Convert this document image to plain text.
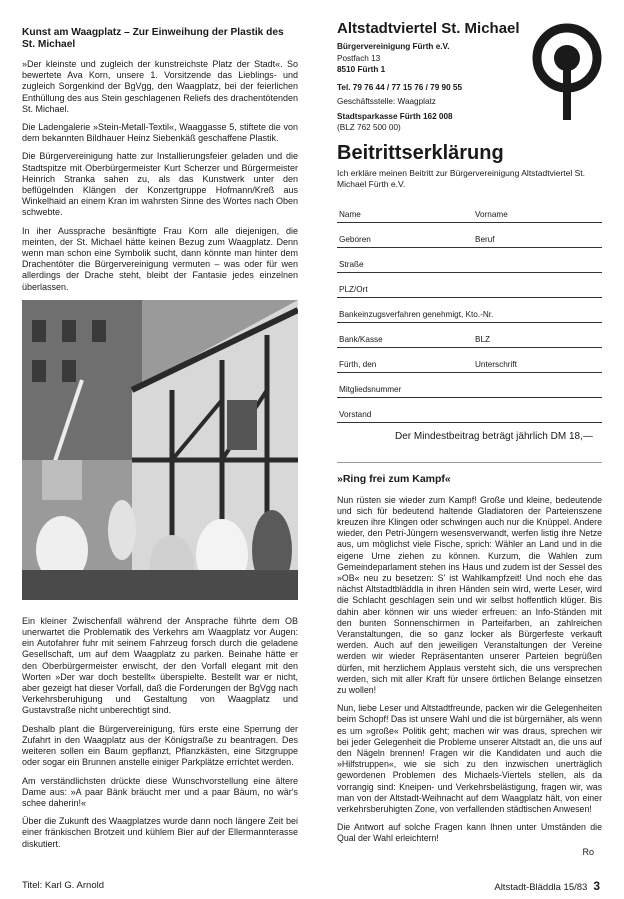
Kunst am Waagplatz – Zur Einweihung der Plastik des St. Michael

»Der kleinste und zugleich der kunstreichste Platz der Stadt«. So bewertete Ava Korn, unsere 1. Vorsitzende das Lieblings- und zugleich Sorgenkind der BgVgg, den Waagplatz, bei der feierlichen Enthüllung des aus Stein geschlagenen Reliefs des drachentötenden St. Michael.

Die Ladengalerie »Stein-Metall-Textil«, Waaggasse 5, stiftete die von dem bekannten Bildhauer Heinz Siebenkäß geschaffene Plastik.

Die Bürgervereinigung hatte zur Installierungsfeier geladen und die Stadtspitze mit Oberbürgermeister Kurt Scherzer und Bürgermeister Heinrich Stranka sahen zu, als das Kunstwerk unter den beflügelnden Klängen der Konzertgruppe Hofmann/Kreß aus Winkelhaid an einem Kran im wahrsten Sinne des Wortes nach Oben schwebte.

In iher Aussprache besänftigte Frau Korn alle diejenigen, die meinten, der St. Michael hätte keinen Bezug zum Waagplatz. Denn wenn man schon eine Symbolik sucht, dann könnte man hinter dem Drachentöter die Bürgervereinigung vermuten – was oder für wen allerdings der Drache steht, bleibt der Fantasie jedes einzelnen überlassen.

Ein kleiner Zwischenfall während der Ansprache führte dem OB unerwartet die Problematik des Verkehrs am Waagplatz vor Augen: ein Autofahrer fuhr mit seinem Fahrzeug forsch durch die geladene Gesellschaft, um auf dem Waagplatz zu parken. Beinahe hätte er den Oberbürgermeister erwischt, der den Vorfall elegant mit den Worten »Der war doch bestellt« überspielte. Bestellt war er nicht, aber gezeigt hat dieser Vorfall, daß die Forderungen der BgVgg nach Verkehrsberuhigung und Gestaltung von Waagplatz und Gustavstraße nicht unberechtigt sind.

Deshalb plant die Bürgervereinigung, fürs erste eine Sperrung der Zufahrt in den Waagplatz aus der Königstraße zu beantragen. Des weiteren sollen ein Baum gepflanzt, Pflanzkästen, eine Sitzgruppe oder sogar ein Brunnen anstelle einiger Parkplätze errichtet werden.

Am verständlichsten drückte diese Wunschvorstellung eine ältere Dame aus: »A paar Bänk bräucht mer und a paar Bäum, no wär's schee daherin!«

Über die Zukunft des Waagplatzes wurde dann noch längere Zeit bei einer fränkischen Brotzeit und kühlem Bier auf der Ellermannterasse diskutiert.

Altstadtviertel St. Michael
Bürgervereinigung Fürth e.V.
Postfach 13
8510 Fürth 1
Tel. 79 76 44 / 77 15 76 / 79 90 55
Geschäftsstelle: Waagplatz
Stadtsparkasse Fürth 162 008
(BLZ 762 500 00)
Beitrittserklärung
Ich erkläre meinen Beitritt zur Bürgervereinigung Altstadtviertel St. Michael Fürth e.V.
Name	Vorname
Geboren	Beruf
Straße
PLZ/Ort
Bankeinzugsverfahren genehmigt, Kto.-Nr.
Bank/Kasse	BLZ
Fürth, den	Unterschrift
Mitgliedsnummer
Vorstand
Der Mindestbeitrag beträgt jährlich DM 18,—
»Ring frei zum Kampf«

Nun rüsten sie wieder zum Kampf! Große und kleine, bedeutende und sich für bedeutend haltende Gladiatoren der Parteienszene kreuzen ihre Klingen oder schwingen auch nur die Knüppel. Andere wieder, den Petri-Jüngern wesensverwandt, werfen listig ihre Netze aus, um möglichst viele Fische, sprich: Wähler an Land und in die eigene Urne ziehen zu können. Kurzum, die Wahlen zum Gemeindeparlament stehen ins Haus und zudem ist der Sessel des »OB« neu zu besetzen: S' ist Wahlkampfzeit! Und noch ehe das nächst Altstadtbläddla in ihren Händen sein wird, werte Leser, wird die Schlacht geschlagen sein und wir selbst hoffentlich klüger. Bis dahin aber können wir uns wieder erfreuen: an Info-Ständen mit den bunten Sonnenschirmen in Parteifarben, an zahlreichen Veranstaltungen, die so ganz locker als Bürgerfeste verkauft werden. Auch auf den jeweiligen Veranstaltungen der Vereine werden wir wieder Repräsentanten unserer Parteien begrüßen dürfen, mit herzlichem Applaus versteht sich, die uns versprechen werden, sich mit aller Kraft für unsere örtlichen Belange einsetzen zu wollen!

Nun, liebe Leser und Altstadtfreunde, packen wir die Gelegenheiten beim Schopf! Das ist unsere Wahl und die ist bürgernäher, als wenn es um »große« Politik geht; machen wir was draus, sprechen wir bei jeder Gelegenheit die Probleme unserer Altstadt an, die uns auf den Nägeln brennen! Fragen wir die Kandidaten und auch die »Hilfstruppen«, wie sie sich zu den inzwischen unerträglich gewordenen Problemen des Michaels-Viertels stellen, als da vorrangig sind: Kneipen- und Verkehrsbelästigung, fragen wir, was man von der Altstadt-Weihnacht auf dem Waagplatz hält, von einer verkehrsberuhigten Zone, von verfallenden städtischen Anwesen!

Die Antwort auf solche Fragen kann Ihnen unter Umständen die Qual der Wahl erleichtern!

Ro
Titel: Karl G. Arnold	Altstadt-Bläddla 15/83 3
